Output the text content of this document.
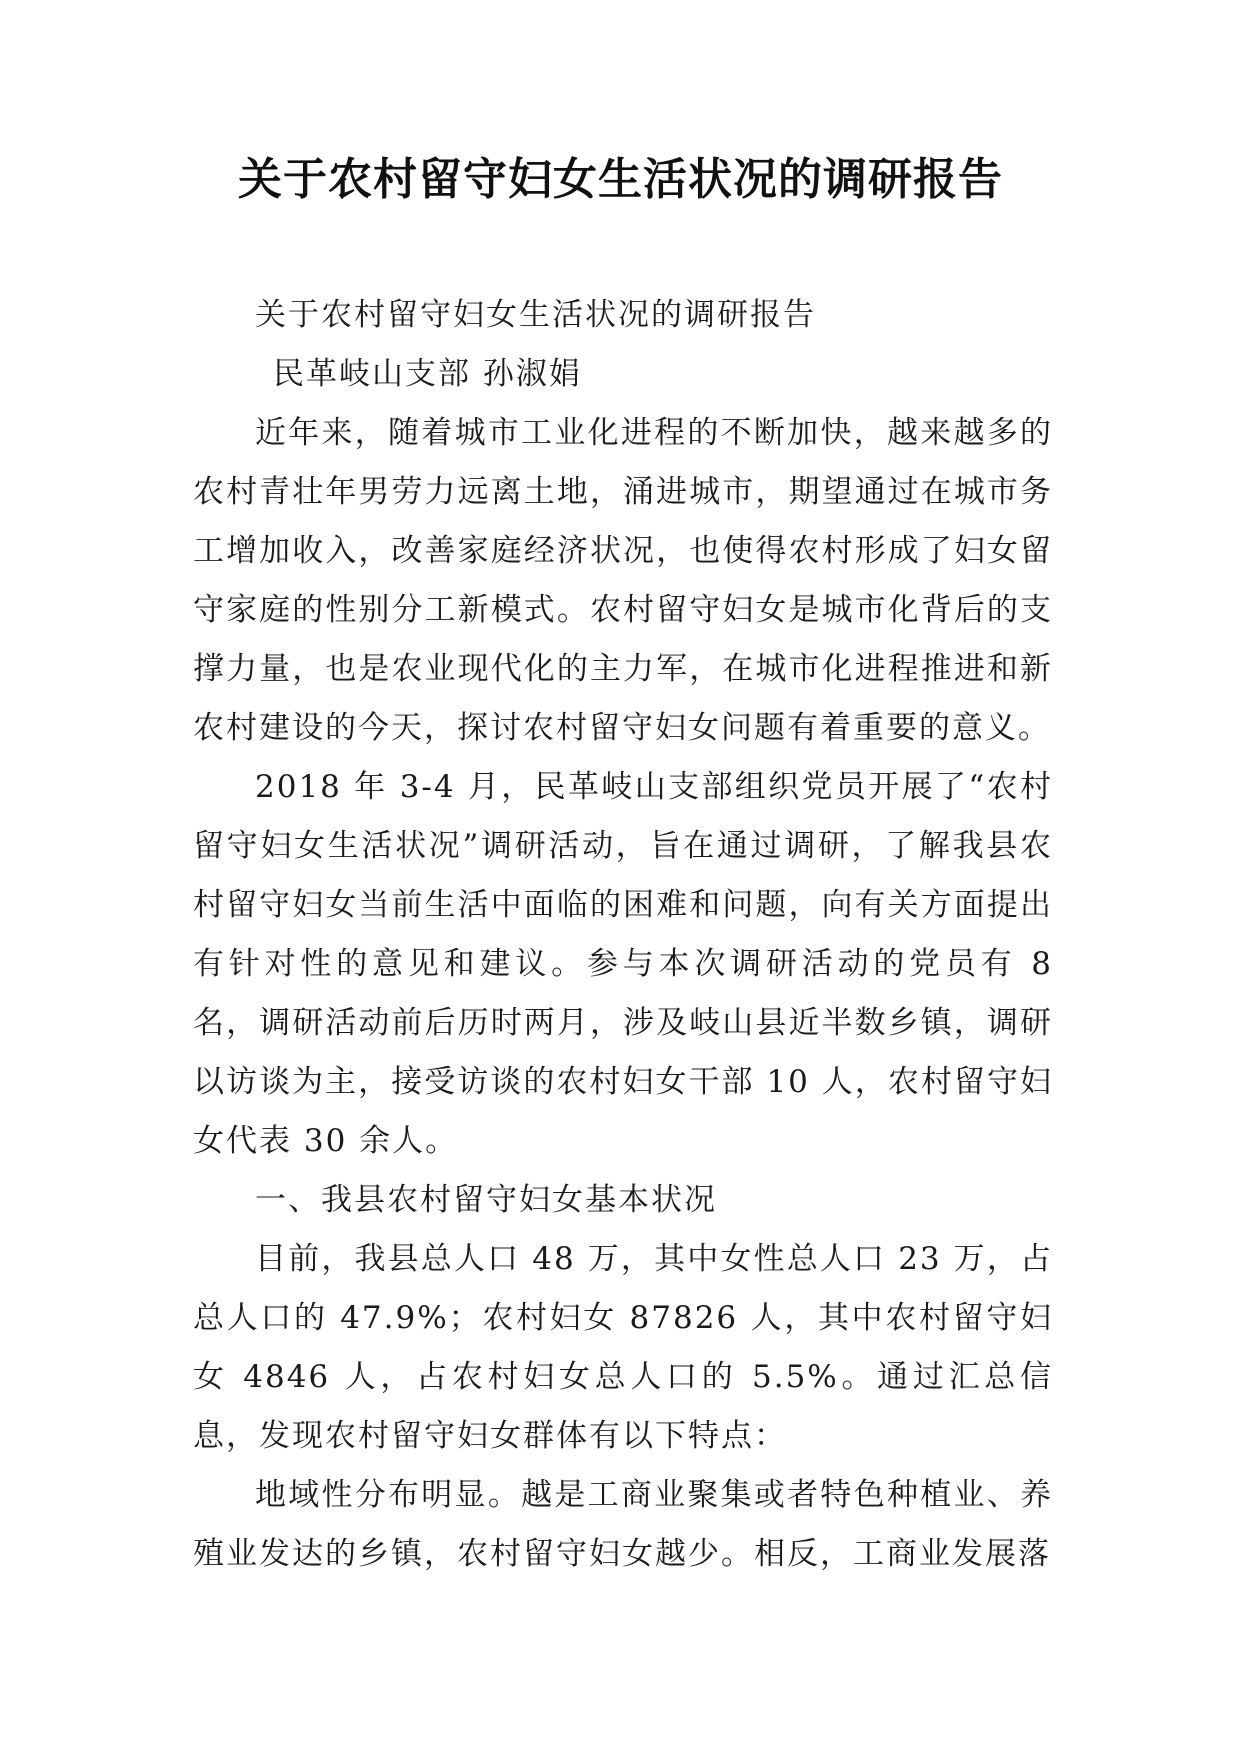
关于农村留守妇女生活状况的调研报告

关于农村留守妇女生活状况的调研报告

民革岐山支部 孙淑娟

近年来，随着城市工业化进程的不断加快，越来越多的农村青壮年男劳力远离土地，涌进城市，期望通过在城市务工增加收入，改善家庭经济状况，也使得农村形成了妇女留守家庭的性别分工新模式。农村留守妇女是城市化背后的支撑力量，也是农业现代化的主力军，在城市化进程推进和新农村建设的今天，探讨农村留守妇女问题有着重要的意义。

2018 年 3-4 月，民革岐山支部组织党员开展了“农村留守妇女生活状况”调研活动，旨在通过调研，了解我县农村留守妇女当前生活中面临的困难和问题，向有关方面提出有针对性的意见和建议。参与本次调研活动的党员有 8 名，调研活动前后历时两月，涉及岐山县近半数乡镇，调研以访谈为主，接受访谈的农村妇女干部 10 人，农村留守妇女代表 30 余人。

一、我县农村留守妇女基本状况

目前，我县总人口 48 万，其中女性总人口 23 万，占总人口的 47.9%；农村妇女 87826 人，其中农村留守妇女 4846 人，占农村妇女总人口的 5.5%。通过汇总信息，发现农村留守妇女群体有以下特点：

地域性分布明显。越是工商业聚集或者特色种植业、养殖业发达的乡镇，农村留守妇女越少。相反，工商业发展落
